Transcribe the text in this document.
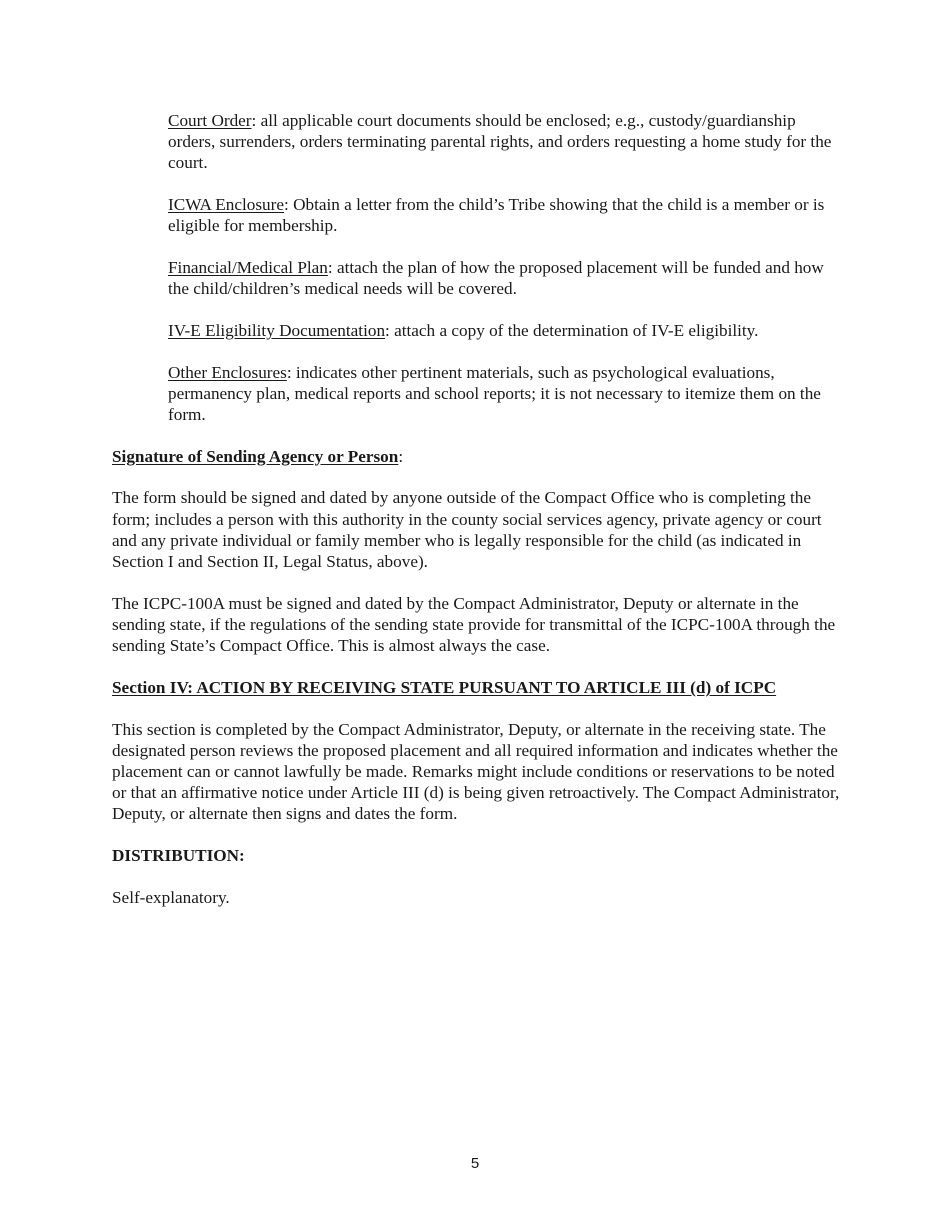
Court Order: all applicable court documents should be enclosed; e.g., custody/guardianship orders, surrenders, orders terminating parental rights, and orders requesting a home study for the court.

ICWA Enclosure: Obtain a letter from the child’s Tribe showing that the child is a member or is eligible for membership.

Financial/Medical Plan: attach the plan of how the proposed placement will be funded and how the child/children’s medical needs will be covered.

IV-E Eligibility Documentation: attach a copy of the determination of IV-E eligibility.

Other Enclosures: indicates other pertinent materials, such as psychological evaluations, permanency plan, medical reports and school reports; it is not necessary to itemize them on the form.

Signature of Sending Agency or Person:

The form should be signed and dated by anyone outside of the Compact Office who is completing the form; includes a person with this authority in the county social services agency, private agency or court and any private individual or family member who is legally responsible for the child (as indicated in Section I and Section II, Legal Status, above).

The ICPC-100A must be signed and dated by the Compact Administrator, Deputy or alternate in the sending state, if the regulations of the sending state provide for transmittal of the ICPC-100A through the sending State’s Compact Office. This is almost always the case.

Section IV: ACTION BY RECEIVING STATE PURSUANT TO ARTICLE III (d) of ICPC

This section is completed by the Compact Administrator, Deputy, or alternate in the receiving state. The designated person reviews the proposed placement and all required information and indicates whether the placement can or cannot lawfully be made. Remarks might include conditions or reservations to be noted or that an affirmative notice under Article III (d) is being given retroactively. The Compact Administrator, Deputy, or alternate then signs and dates the form.

DISTRIBUTION:

Self-explanatory.

5
